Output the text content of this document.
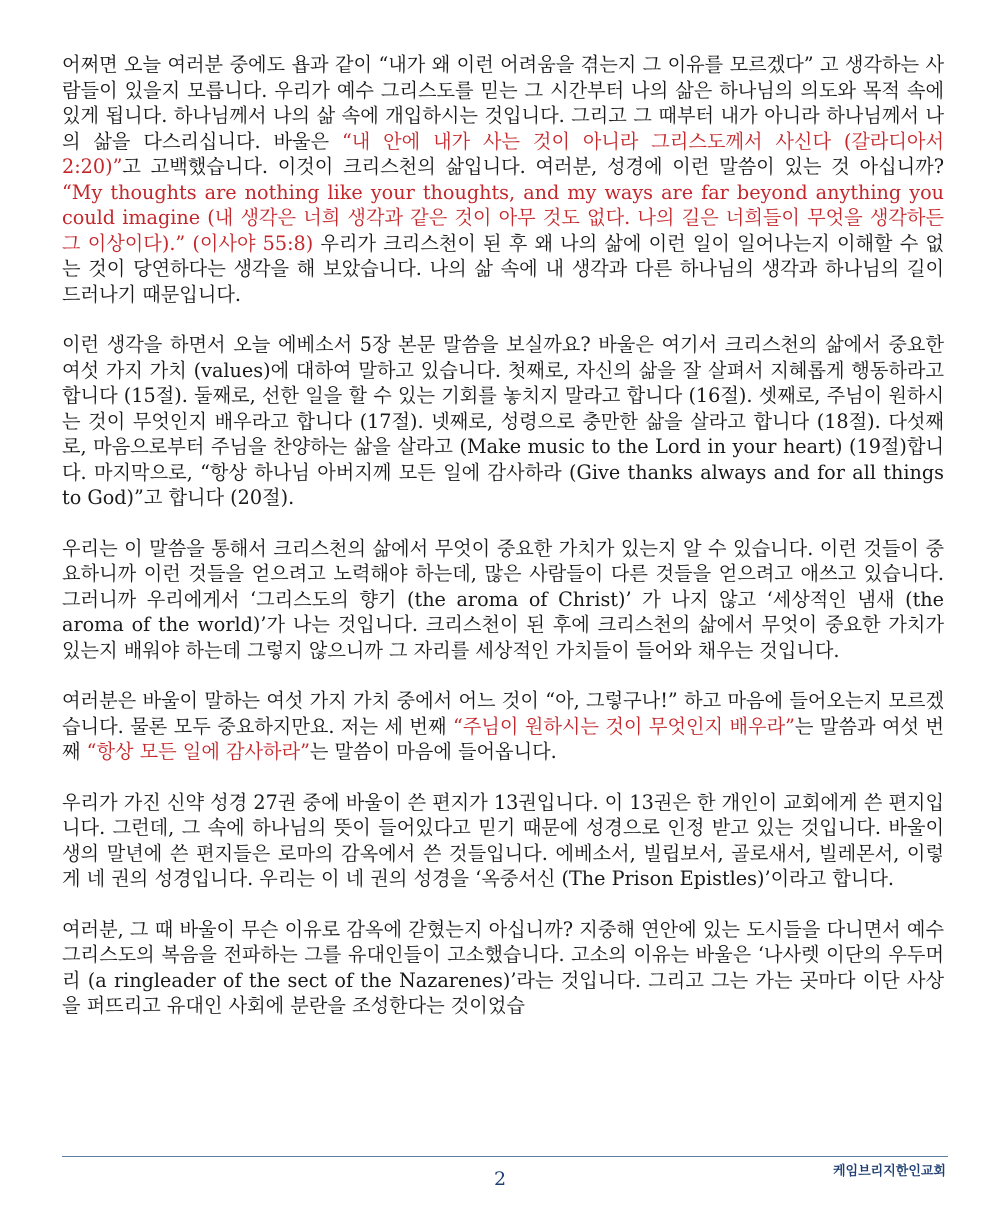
어쩌면 오늘 여러분 중에도 욥과 같이 “내가 왜 이런 어려움을 겪는지 그 이유를 모르겠다” 고 생각하는 사람들이 있을지 모릅니다. 우리가 예수 그리스도를 믿는 그 시간부터 나의 삶은 하나님의 의도와 목적 속에 있게 됩니다. 하나님께서 나의 삶 속에 개입하시는 것입니다. 그리고 그 때부터 내가 아니라 하나님께서 나의 삶을 다스리십니다. 바울은 “내 안에 내가 사는 것이 아니라 그리스도께서 사신다 (갈라디아서 2:20)”고 고백했습니다. 이것이 크리스천의 삶입니다. 여러분, 성경에 이런 말씀이 있는 것 아십니까? “My thoughts are nothing like your thoughts, and my ways are far beyond anything you could imagine (내 생각은 너희 생각과 같은 것이 아무 것도 없다. 나의 길은 너희들이 무엇을 생각하든 그 이상이다).” (이사야 55:8) 우리가 크리스천이 된 후 왜 나의 삶에 이런 일이 일어나는지 이해할 수 없는 것이 당연하다는 생각을 해 보았습니다. 나의 삶 속에 내 생각과 다른 하나님의 생각과 하나님의 길이 드러나기 때문입니다.

이런 생각을 하면서 오늘 에베소서 5장 본문 말씀을 보실까요? 바울은 여기서 크리스천의 삶에서 중요한 여섯 가지 가치 (values)에 대하여 말하고 있습니다. 첫째로, 자신의 삶을 잘 살펴서 지혜롭게 행동하라고 합니다 (15절). 둘째로, 선한 일을 할 수 있는 기회를 놓치지 말라고 합니다 (16절). 셋째로, 주님이 원하시는 것이 무엇인지 배우라고 합니다 (17절). 넷째로, 성령으로 충만한 삶을 살라고 합니다 (18절). 다섯째로, 마음으로부터 주님을 찬양하는 삶을 살라고 (Make music to the Lord in your heart) (19절)합니다. 마지막으로, “항상 하나님 아버지께 모든 일에 감사하라 (Give thanks always and for all things to God)”고 합니다 (20절).

우리는 이 말씀을 통해서 크리스천의 삶에서 무엇이 중요한 가치가 있는지 알 수 있습니다. 이런 것들이 중요하니까 이런 것들을 얻으려고 노력해야 하는데, 많은 사람들이 다른 것들을 얻으려고 애쓰고 있습니다. 그러니까 우리에게서 ‘그리스도의 향기 (the aroma of Christ)’ 가 나지 않고 ‘세상적인 냄새 (the aroma of the world)’가 나는 것입니다. 크리스천이 된 후에 크리스천의 삶에서 무엇이 중요한 가치가 있는지 배워야 하는데 그렇지 않으니까 그 자리를 세상적인 가치들이 들어와 채우는 것입니다.

여러분은 바울이 말하는 여섯 가지 가치 중에서 어느 것이 “아, 그렇구나!” 하고 마음에 들어오는지 모르겠습니다. 물론 모두 중요하지만요. 저는 세 번째 “주님이 원하시는 것이 무엇인지 배우라”는 말씀과 여섯 번째 “항상 모든 일에 감사하라”는 말씀이 마음에 들어옵니다.

우리가 가진 신약 성경 27권 중에 바울이 쓴 편지가 13권입니다. 이 13권은 한 개인이 교회에게 쓴 편지입니다. 그런데, 그 속에 하나님의 뜻이 들어있다고 믿기 때문에 성경으로 인정 받고 있는 것입니다. 바울이 생의 말년에 쓴 편지들은 로마의 감옥에서 쓴 것들입니다. 에베소서, 빌립보서, 골로새서, 빌레몬서, 이렇게 네 권의 성경입니다. 우리는 이 네 권의 성경을 ‘옥중서신 (The Prison Epistles)’이라고 합니다.

여러분, 그 때 바울이 무슨 이유로 감옥에 갇혔는지 아십니까? 지중해 연안에 있는 도시들을 다니면서 예수 그리스도의 복음을 전파하는 그를 유대인들이 고소했습니다. 고소의 이유는 바울은 ‘나사렛 이단의 우두머리 (a ringleader of the sect of the Nazarenes)’라는 것입니다. 그리고 그는 가는 곳마다 이단 사상을 퍼뜨리고 유대인 사회에 분란을 조성한다는 것이었습

케임브리지한인교회
2
